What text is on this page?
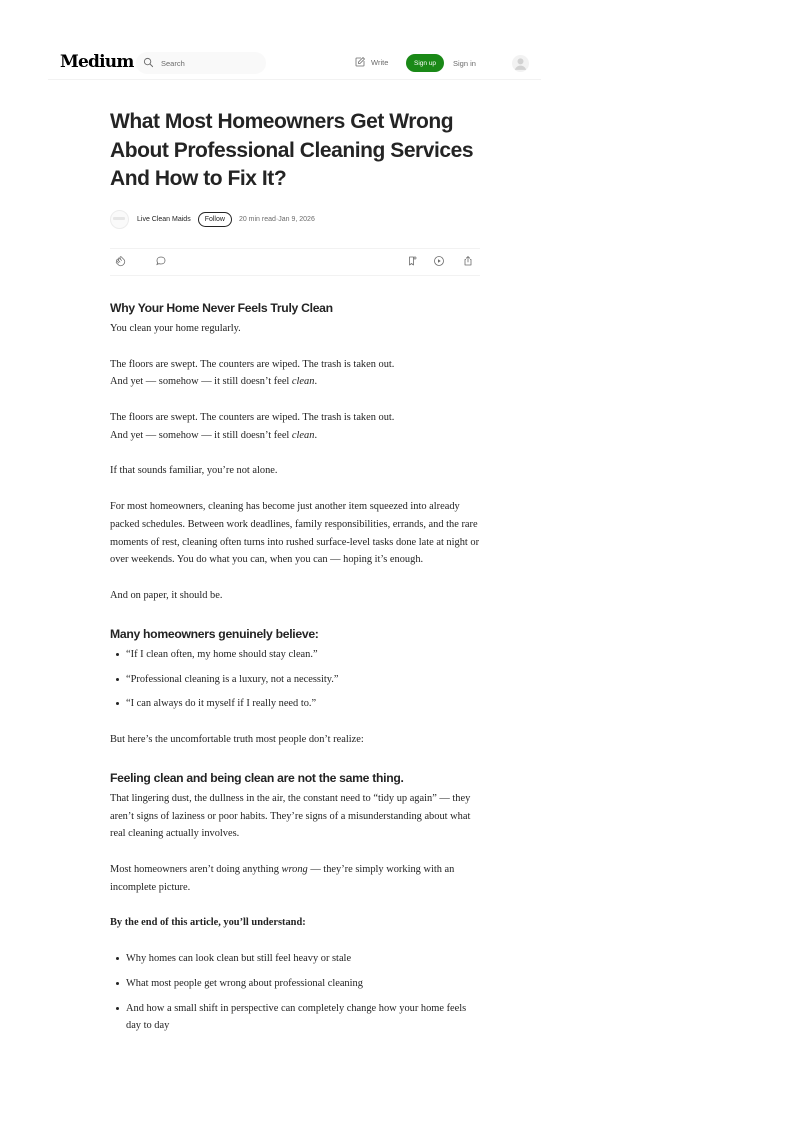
Medium
Search	Write	Sign up	Sign in
What Most Homeowners Get Wrong About Professional Cleaning Services And How to Fix It?
Live Clean Maids	Follow	20 min read · Jan 9, 2026
Why Your Home Never Feels Truly Clean

You clean your home regularly.

The floors are swept. The counters are wiped. The trash is taken out.

And yet — somehow — it still doesn’t feel clean.

The floors are swept. The counters are wiped. The trash is taken out.

And yet — somehow — it still doesn’t feel clean.

If that sounds familiar, you’re not alone.

For most homeowners, cleaning has become just another item squeezed into already packed schedules. Between work deadlines, family responsibilities, errands, and the rare moments of rest, cleaning often turns into rushed surface-level tasks done late at night or over weekends. You do what you can, when you can — hoping it’s enough.

And on paper, it should be.

Many homeowners genuinely believe:
“If I clean often, my home should stay clean.”
“Professional cleaning is a luxury, not a necessity.”
“I can always do it myself if I really need to.”

But here’s the uncomfortable truth most people don’t realize:

Feeling clean and being clean are not the same thing.

That lingering dust, the dullness in the air, the constant need to “tidy up again” — they aren’t signs of laziness or poor habits. They’re signs of a misunderstanding about what real cleaning actually involves.

Most homeowners aren’t doing anything wrong — they’re simply working with an incomplete picture.

By the end of this article, you’ll understand:

Why homes can look clean but still feel heavy or stale
What most people get wrong about professional cleaning
And how a small shift in perspective can completely change how your home feels day to day
